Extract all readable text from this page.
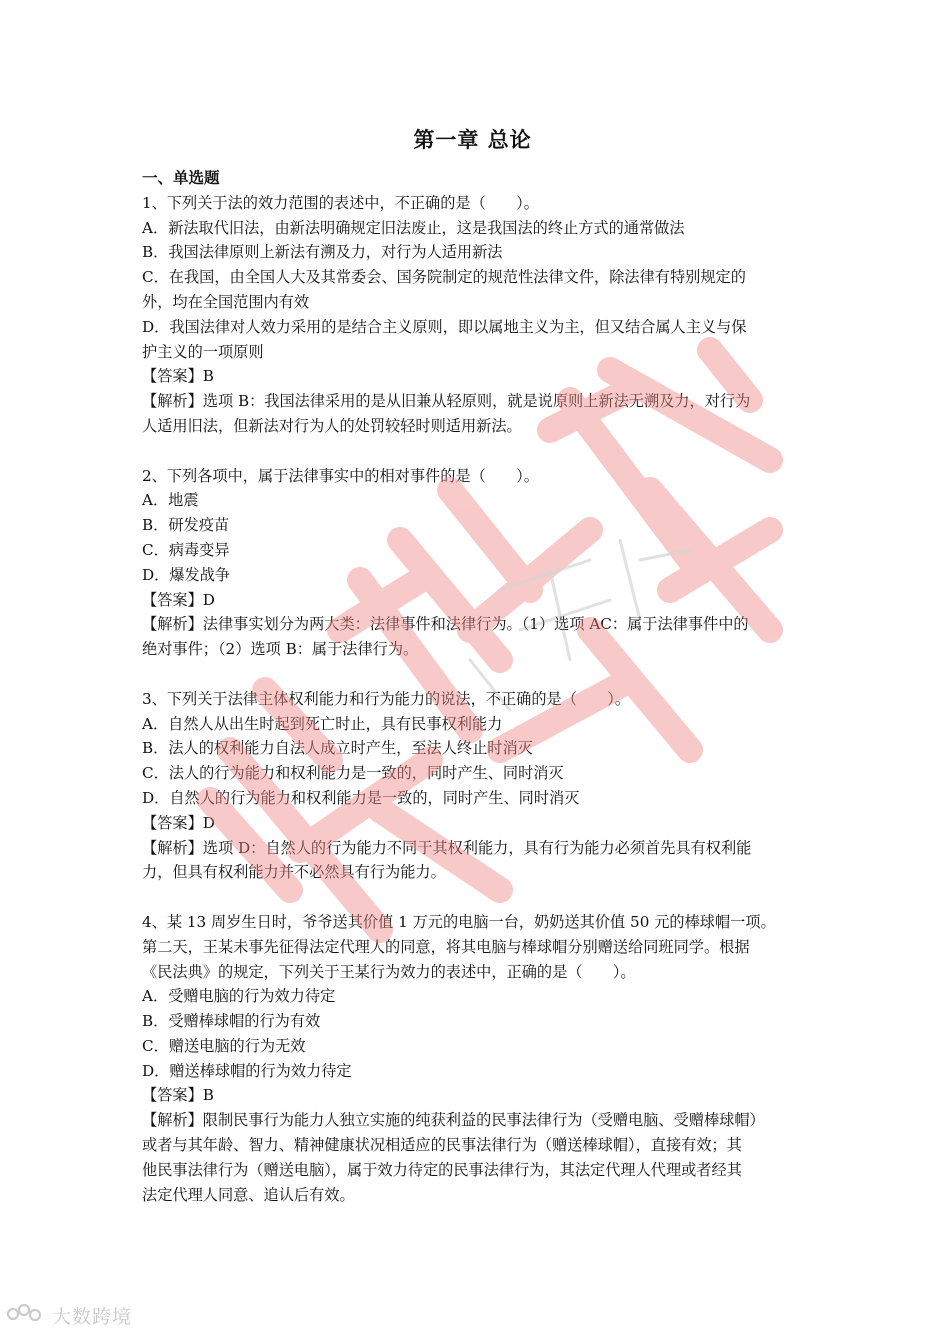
第一章 总论
一、单选题
1、下列关于法的效力范围的表述中，不正确的是（　　）。
A．新法取代旧法，由新法明确规定旧法废止，这是我国法的终止方式的通常做法
B．我国法律原则上新法有溯及力，对行为人适用新法
C．在我国，由全国人大及其常委会、国务院制定的规范性法律文件，除法律有特别规定的
外，均在全国范围内有效
D．我国法律对人效力采用的是结合主义原则，即以属地主义为主，但又结合属人主义与保
护主义的一项原则
【答案】B
【解析】选项 B：我国法律采用的是从旧兼从轻原则，就是说原则上新法无溯及力，对行为
人适用旧法，但新法对行为人的处罚较轻时则适用新法。
2、下列各项中，属于法律事实中的相对事件的是（　　）。
A．地震
B．研发疫苗
C．病毒变异
D．爆发战争
【答案】D
【解析】法律事实划分为两大类：法律事件和法律行为。（1）选项 AC：属于法律事件中的
绝对事件；（2）选项 B：属于法律行为。
3、下列关于法律主体权利能力和行为能力的说法，不正确的是（　　）。
A．自然人从出生时起到死亡时止，具有民事权利能力
B．法人的权利能力自法人成立时产生，至法人终止时消灭
C．法人的行为能力和权利能力是一致的，同时产生、同时消灭
D．自然人的行为能力和权利能力是一致的，同时产生、同时消灭
【答案】D
【解析】选项 D：自然人的行为能力不同于其权利能力，具有行为能力必须首先具有权利能
力，但具有权利能力并不必然具有行为能力。
4、某 13 周岁生日时，爷爷送其价值 1 万元的电脑一台，奶奶送其价值 50 元的棒球帽一项。
第二天，王某未事先征得法定代理人的同意，将其电脑与棒球帽分别赠送给同班同学。根据
《民法典》的规定，下列关于王某行为效力的表述中，正确的是（　　）。
A．受赠电脑的行为效力待定
B．受赠棒球帽的行为有效
C．赠送电脑的行为无效
D．赠送棒球帽的行为效力待定
【答案】B
【解析】限制民事行为能力人独立实施的纯获利益的民事法律行为（受赠电脑、受赠棒球帽）
或者与其年龄、智力、精神健康状况相适应的民事法律行为（赠送棒球帽），直接有效；其
他民事法律行为（赠送电脑），属于效力待定的民事法律行为，其法定代理人代理或者经其
法定代理人同意、追认后有效。
大数跨境
